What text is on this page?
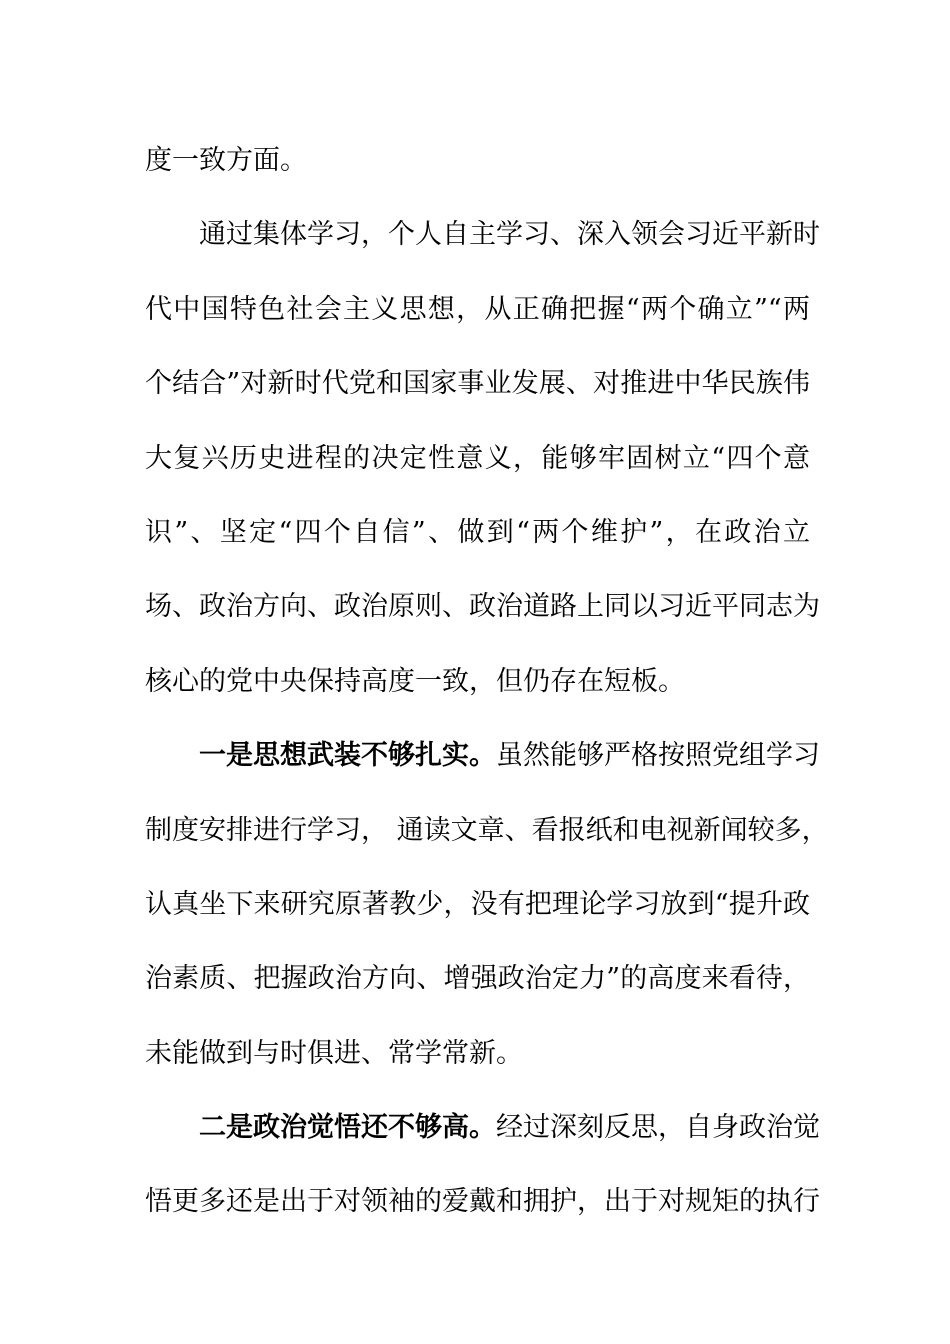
度一致方面。
通过集体学习，个人自主学习、深入领会习近平新时
代中国特色社会主义思想，从正确把握“两个确立”“两
个结合”对新时代党和国家事业发展、对推进中华民族伟
大复兴历史进程的决定性意义，能够牢固树立“四个意
识”、坚定“四个自信”、做到“两个维护”，在政治立
场、政治方向、政治原则、政治道路上同以习近平同志为
核心的党中央保持高度一致，但仍存在短板。
一是思想武装不够扎实。虽然能够严格按照党组学习
制度安排进行学习， 通读文章、看报纸和电视新闻较多，
认真坐下来研究原著教少，没有把理论学习放到“提升政
治素质、把握政治方向、增强政治定力”的高度来看待，
未能做到与时俱进、常学常新。
二是政治觉悟还不够高。经过深刻反思，自身政治觉
悟更多还是出于对领袖的爱戴和拥护，出于对规矩的执行
